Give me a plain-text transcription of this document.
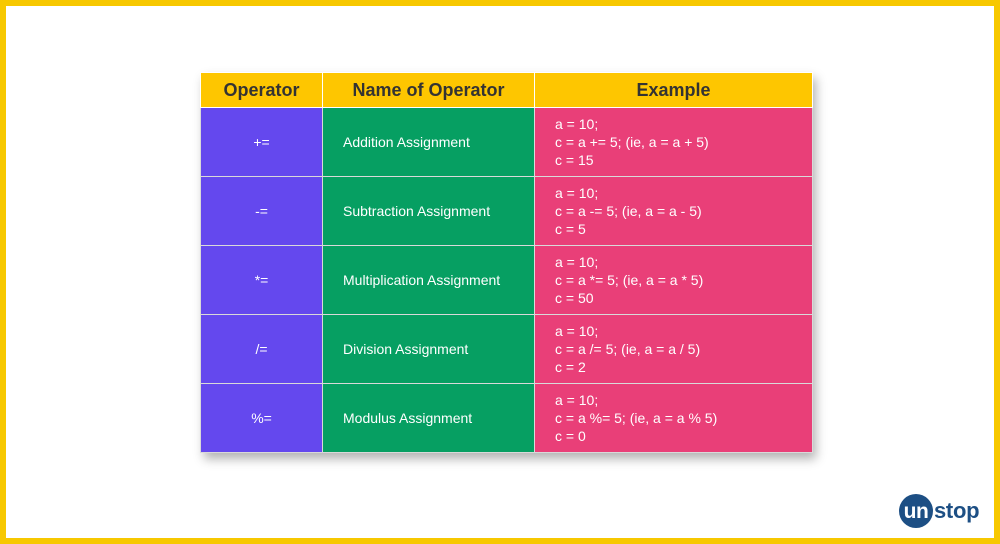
Operator	Name of Operator	Example
+=	Addition Assignment	a = 10;
c = a += 5; (ie, a = a + 5)
c = 15

-=	Subtraction Assignment	a = 10;
c = a -= 5; (ie, a = a - 5)
c = 5

*=	Multiplication Assignment	a = 10;
c = a *= 5; (ie, a = a * 5)
c = 50

/=	Division Assignment	a = 10;
c = a /= 5; (ie, a = a / 5)
c = 2

%=	Modulus Assignment	a = 10;
c = a %= 5; (ie, a = a % 5)
c = 0
un stop
